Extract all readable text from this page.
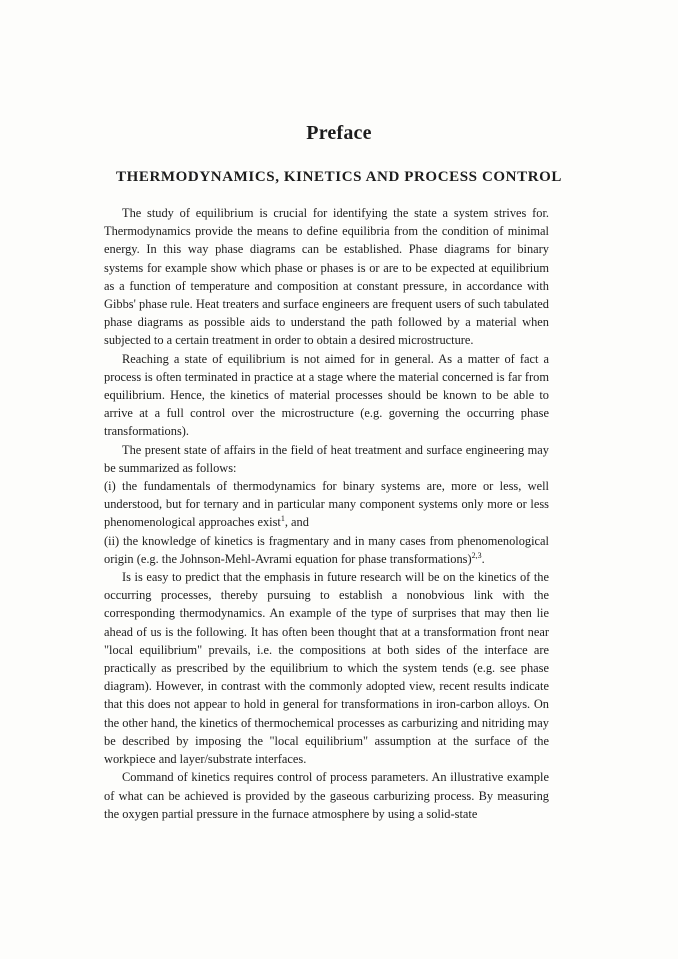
Preface
THERMODYNAMICS, KINETICS AND PROCESS CONTROL

The study of equilibrium is crucial for identifying the state a system strives for. Thermodynamics provide the means to define equilibria from the condition of minimal energy. In this way phase diagrams can be established. Phase diagrams for binary systems for example show which phase or phases is or are to be expected at equilibrium as a function of temperature and composition at constant pressure, in accordance with Gibbs' phase rule. Heat treaters and surface engineers are frequent users of such tabulated phase diagrams as possible aids to understand the path followed by a material when subjected to a certain treatment in order to obtain a desired microstructure.

Reaching a state of equilibrium is not aimed for in general. As a matter of fact a process is often terminated in practice at a stage where the material concerned is far from equilibrium. Hence, the kinetics of material processes should be known to be able to arrive at a full control over the microstructure (e.g. governing the occurring phase transformations).

The present state of affairs in the field of heat treatment and surface engineering may be summarized as follows:

(i) the fundamentals of thermodynamics for binary systems are, more or less, well understood, but for ternary and in particular many component systems only more or less phenomenological approaches exist$^1$, and

(ii) the knowledge of kinetics is fragmentary and in many cases from phenomenological origin (e.g. the Johnson-Mehl-Avrami equation for phase transformations)$^{2,3}$.

Is is easy to predict that the emphasis in future research will be on the kinetics of the occurring processes, thereby pursuing to establish a nonobvious link with the corresponding thermodynamics. An example of the type of surprises that may then lie ahead of us is the following. It has often been thought that at a transformation front near "local equilibrium" prevails, i.e. the compositions at both sides of the interface are practically as prescribed by the equilibrium to which the system tends (e.g. see phase diagram). However, in contrast with the commonly adopted view, recent results indicate that this does not appear to hold in general for transformations in iron-carbon alloys. On the other hand, the kinetics of thermochemical processes as carburizing and nitriding may be described by imposing the "local equilibrium" assumption at the surface of the workpiece and layer/substrate interfaces.

Command of kinetics requires control of process parameters. An illustrative example of what can be achieved is provided by the gaseous carburizing process. By measuring the oxygen partial pressure in the furnace atmosphere by using a solid-state
